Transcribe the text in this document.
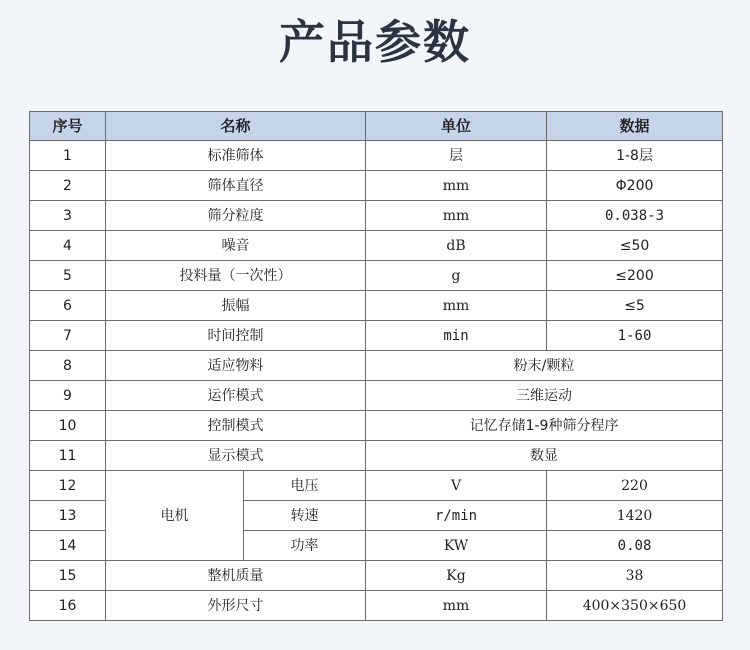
产品参数
序号	名称		单位	数据
1	标准筛体		层	1-8层
2	筛体直径		mm	Φ200
3	筛分粒度		mm	0.038-3
4	噪音		dB	≤50
5	投料量（一次性）		g	≤200
6	振幅		mm	≤5
7	时间控制		min	1-60
8	适应物料		粉末/颗粒	
9	运作模式		三维运动	
10	控制模式		记忆存储1-9种筛分程序	
11	显示模式		数显	
12	电机	电压	V	220
13		转速	r/min	1420
14		功率	KW	0.08
15	整机质量		Kg	38
16	外形尺寸		mm	400×350×650
